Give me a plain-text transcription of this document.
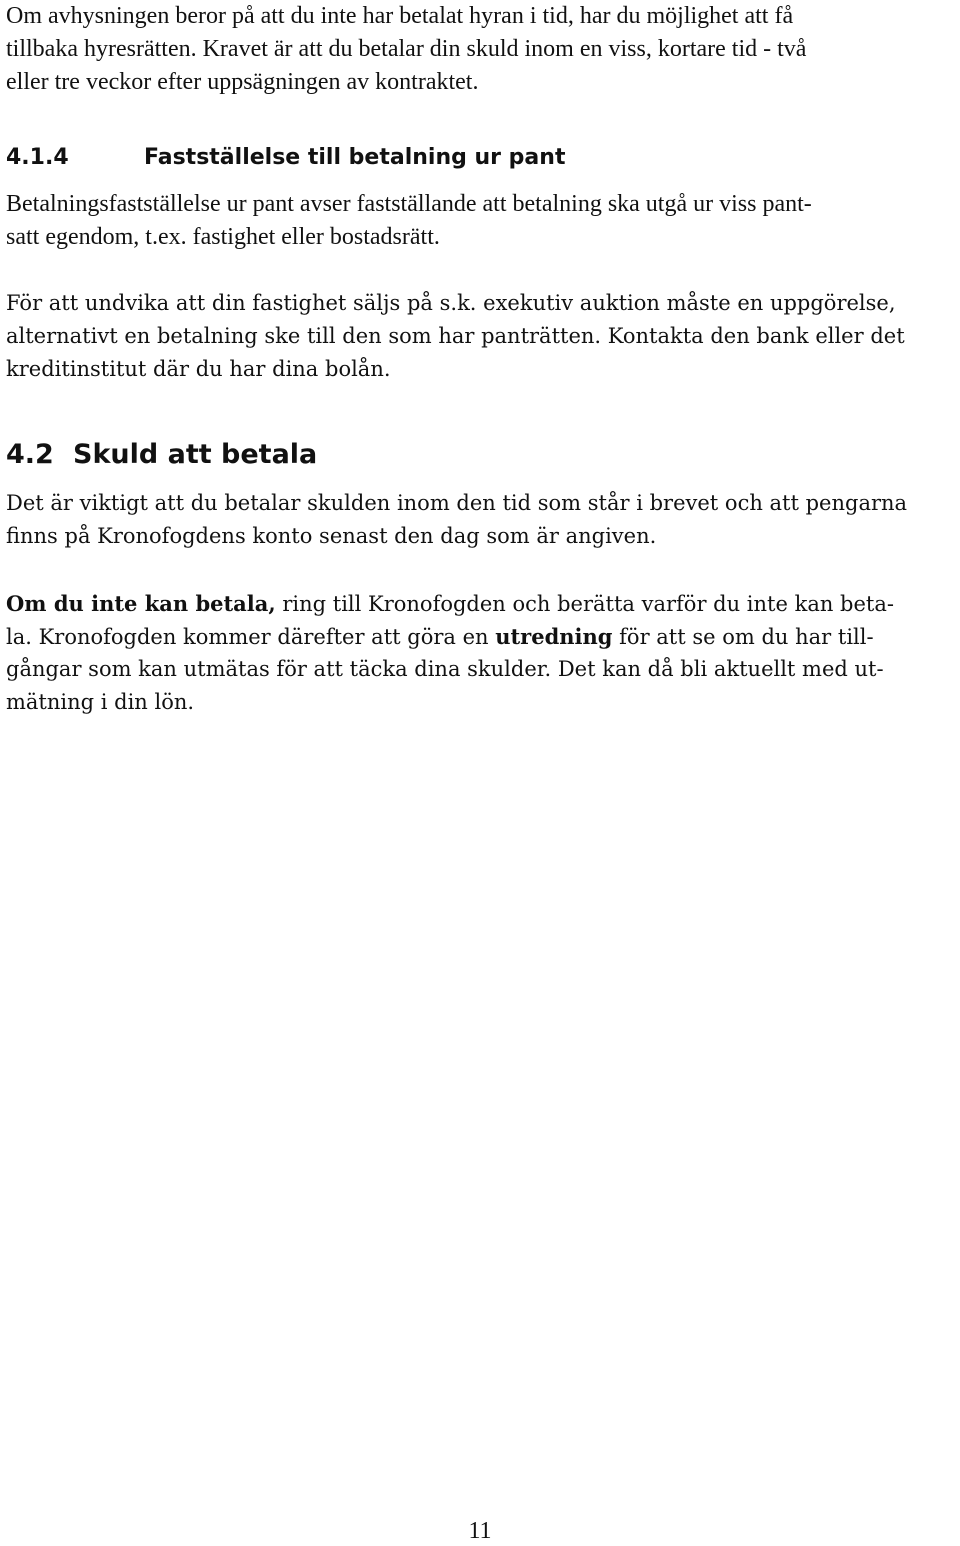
Om avhysningen beror på att du inte har betalat hyran i tid, har du möjlighet att få
tillbaka hyresrätten. Kravet är att du betalar din skuld inom en viss, kortare tid - två
eller tre veckor efter uppsägningen av kontraktet.
4.1.4	Fastställelse till betalning ur pant
Betalningsfastställelse ur pant avser fastställande att betalning ska utgå ur viss pant-
satt egendom, t.ex. fastighet eller bostadsrätt.
För att undvika att din fastighet säljs på s.k. exekutiv auktion måste en uppgörelse,
alternativt en betalning ske till den som har panträtten. Kontakta den bank eller det
kreditinstitut där du har dina bolån.
4.2 Skuld att betala
Det är viktigt att du betalar skulden inom den tid som står i brevet och att pengarna
finns på Kronofogdens konto senast den dag som är angiven.
Om du inte kan betala, ring till Kronofogden och berätta varför du inte kan beta-
la. Kronofogden kommer därefter att göra en utredning för att se om du har till-
gångar som kan utmätas för att täcka dina skulder. Det kan då bli aktuellt med ut-
mätning i din lön.
11
